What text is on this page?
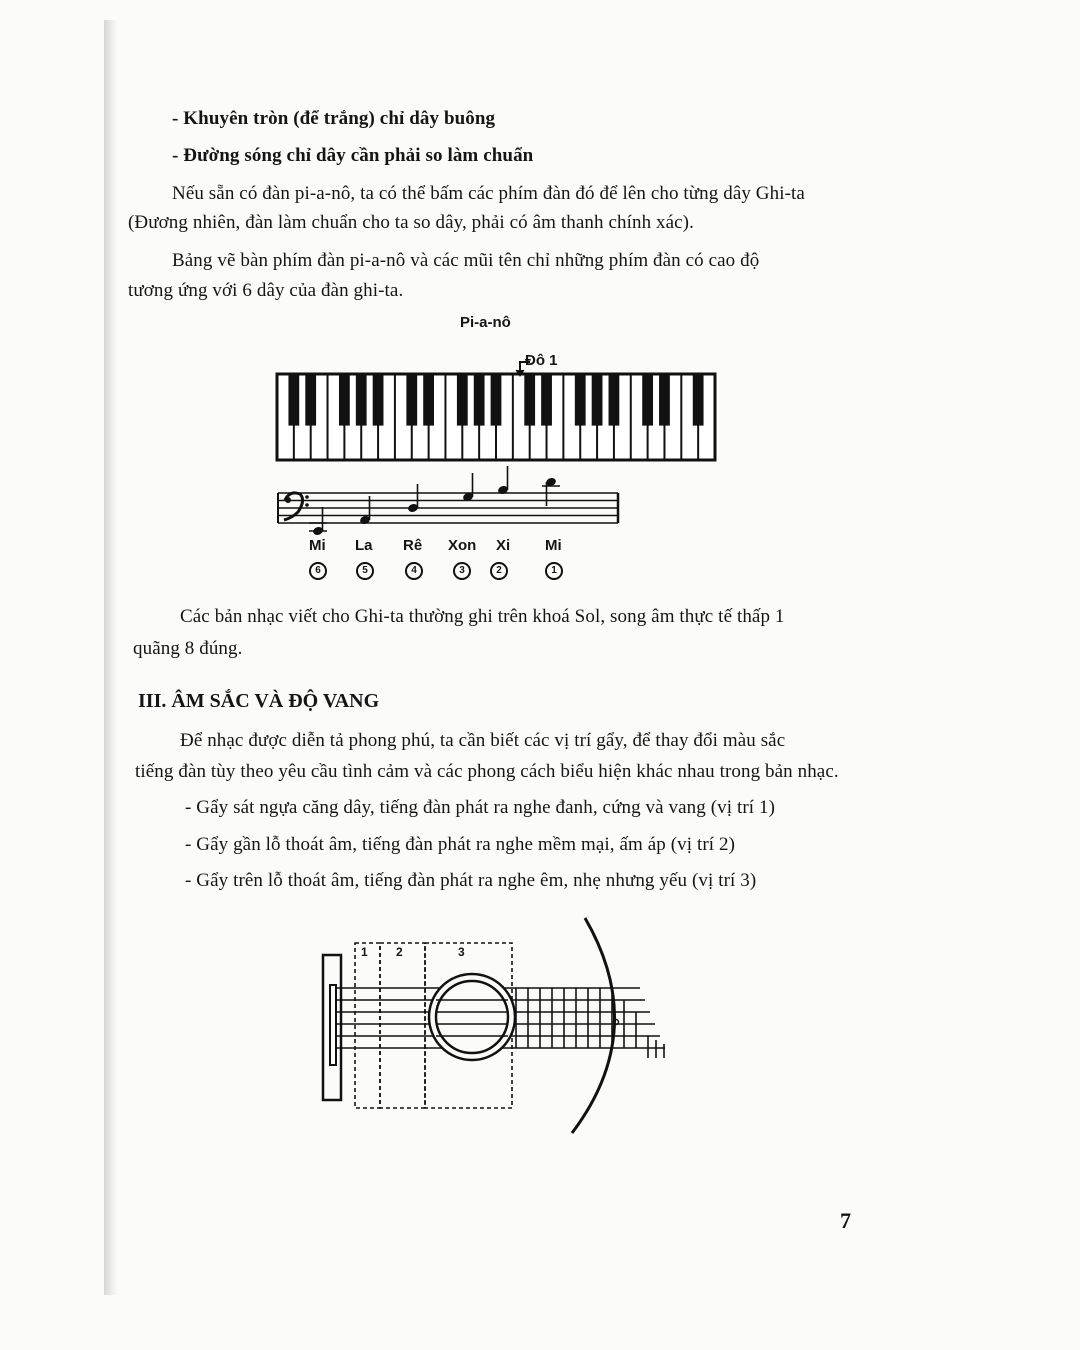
- Khuyên tròn (để trắng) chỉ dây buông
- Đường sóng chỉ dây cần phải so làm chuẩn
Nếu sẵn có đàn pi-a-nô, ta có thể bấm các phím đàn đó để lên cho từng dây Ghi-ta
(Đương nhiên, đàn làm chuẩn cho ta so dây, phải có âm thanh chính xác).
Bảng vẽ bàn phím đàn pi-a-nô và các mũi tên chỉ những phím đàn có cao độ
tương ứng với 6 dây của đàn ghi-ta.
Pi-a-nô
Đô 1
Mi La Rê Xon Xi Mi
6	5	4	3	2	1
Các bản nhạc viết cho Ghi-ta thường ghi trên khoá Sol, song âm thực tế thấp 1
quãng 8 đúng.
III. ÂM SẮC VÀ ĐỘ VANG
Để nhạc được diễn tả phong phú, ta cần biết các vị trí gẩy, để thay đổi màu sắc
tiếng đàn tùy theo yêu cầu tình cảm và các phong cách biểu hiện khác nhau trong bản nhạc.
- Gẩy sát ngựa căng dây, tiếng đàn phát ra nghe đanh, cứng và vang (vị trí 1)
- Gẩy gần lỗ thoát âm, tiếng đàn phát ra nghe mềm mại, ấm áp (vị trí 2)
- Gẩy trên lỗ thoát âm, tiếng đàn phát ra nghe êm, nhẹ nhưng yếu (vị trí 3)
1 2	3
7
